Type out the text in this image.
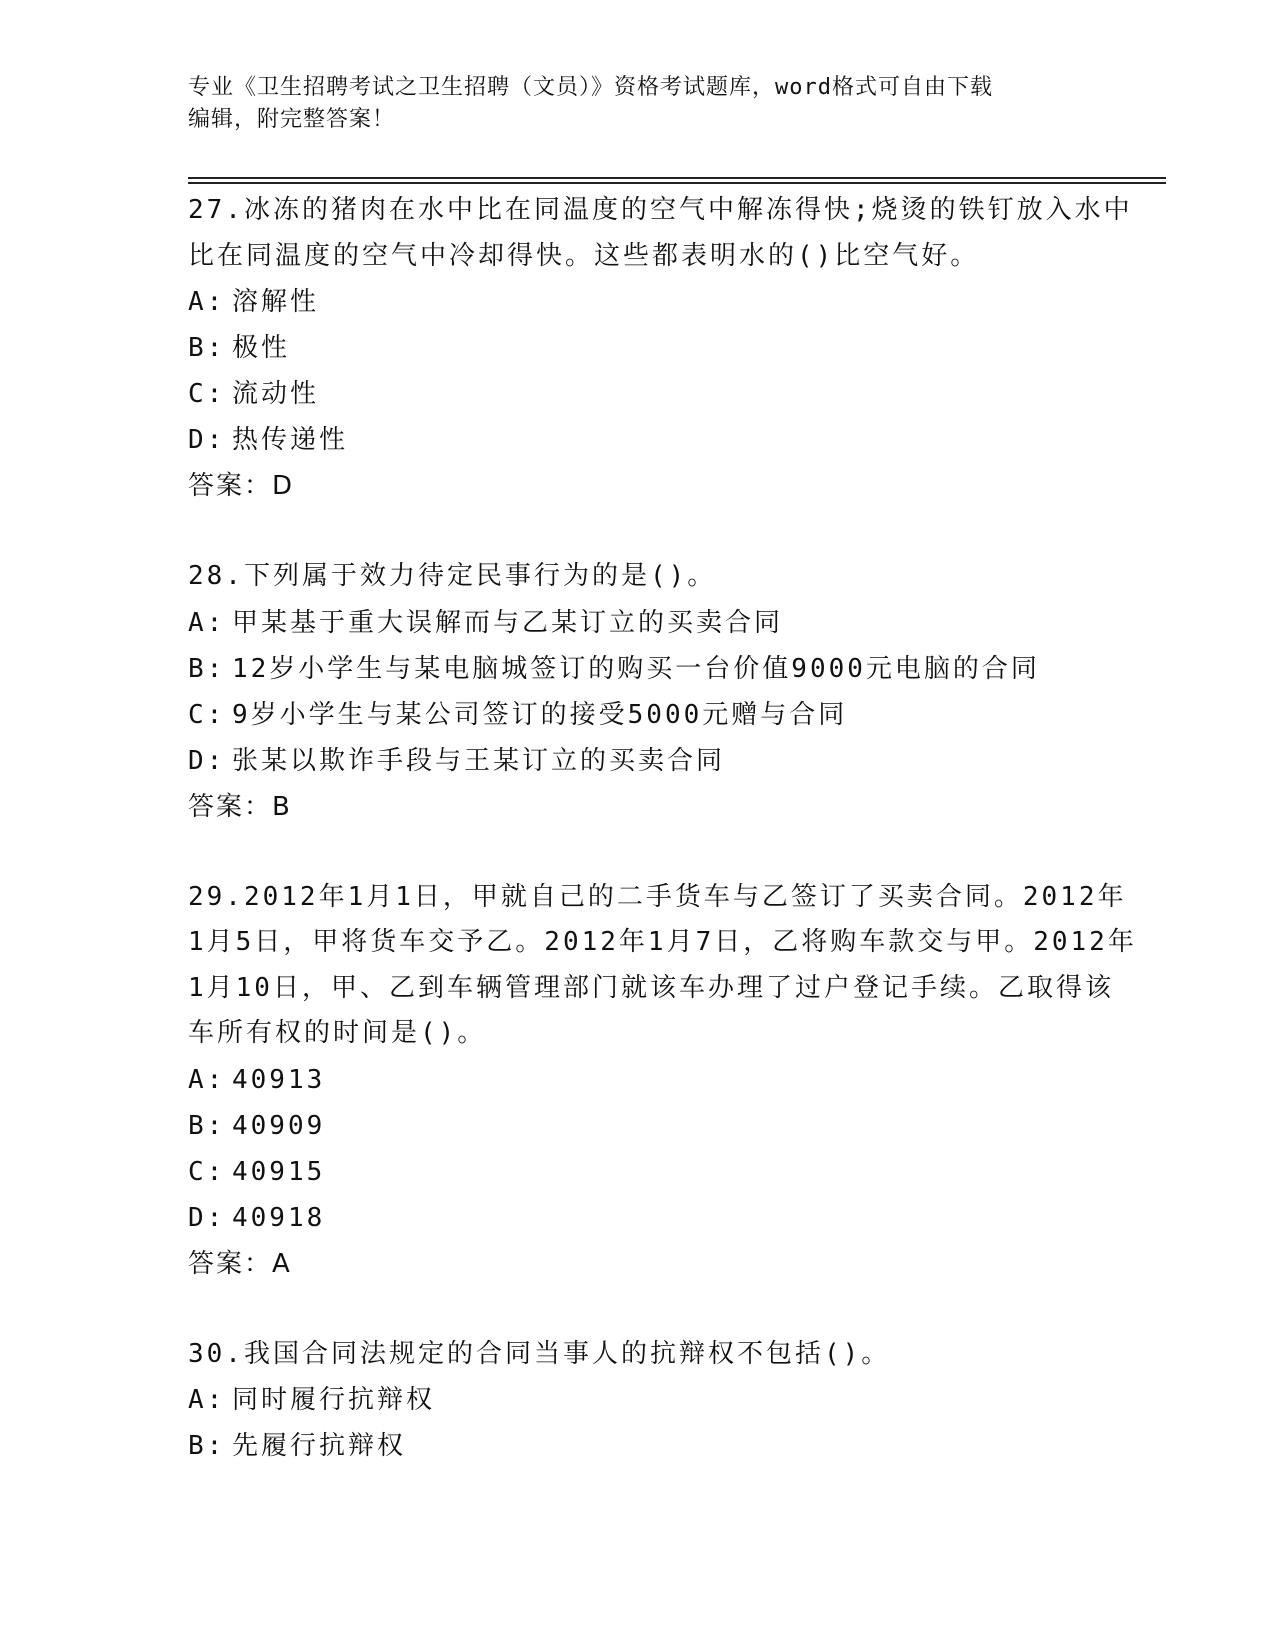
专业《卫生招聘考试之卫生招聘（文员）》资格考试题库，word格式可自由下载

编辑，附完整答案！

27.冰冻的猪肉在水中比在同温度的空气中解冻得快;烧烫的铁钉放入水中比在同温度的空气中冷却得快。这些都表明水的()比空气好。

A: 溶解性
B: 极性
C: 流动性
D: 热传递性
答案：D

28.下列属于效力待定民事行为的是()。

A: 甲某基于重大误解而与乙某订立的买卖合同
B: 12岁小学生与某电脑城签订的购买一台价值9000元电脑的合同
C: 9岁小学生与某公司签订的接受5000元赠与合同
D: 张某以欺诈手段与王某订立的买卖合同
答案：B

29.2012年1月1日，甲就自己的二手货车与乙签订了买卖合同。2012年1月5日，甲将货车交予乙。2012年1月7日，乙将购车款交与甲。2012年1月10日，甲、乙到车辆管理部门就该车办理了过户登记手续。乙取得该车所有权的时间是()。

A: 40913
B: 40909
C: 40915
D: 40918
答案：A

30.我国合同法规定的合同当事人的抗辩权不包括()。

A: 同时履行抗辩权
B: 先履行抗辩权
